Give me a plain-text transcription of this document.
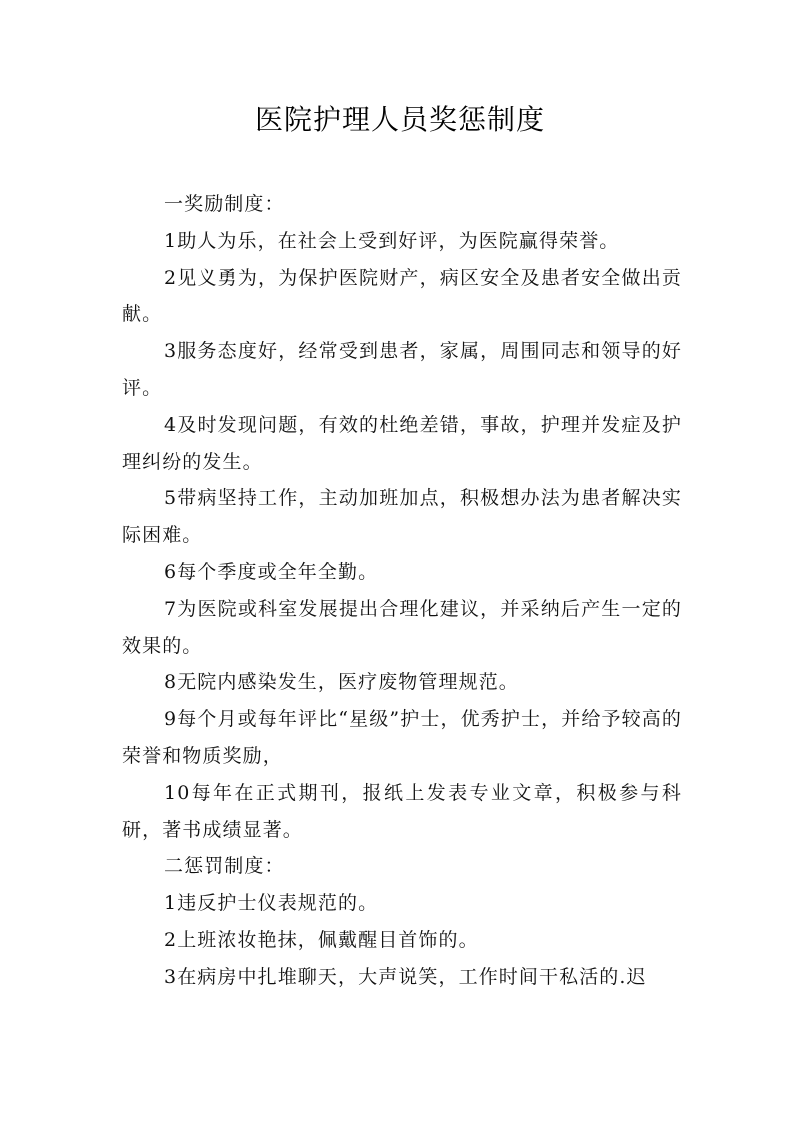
医院护理人员奖惩制度

一奖励制度：

1助人为乐，在社会上受到好评，为医院赢得荣誉。

2见义勇为，为保护医院财产，病区安全及患者安全做出贡献。

3服务态度好，经常受到患者，家属，周围同志和领导的好评。

4及时发现问题，有效的杜绝差错，事故，护理并发症及护理纠纷的发生。

5带病坚持工作，主动加班加点，积极想办法为患者解决实际困难。

6每个季度或全年全勤。

7为医院或科室发展提出合理化建议，并采纳后产生一定的效果的。

8无院内感染发生，医疗废物管理规范。

9每个月或每年评比“星级”护士，优秀护士，并给予较高的荣誉和物质奖励，

10每年在正式期刊，报纸上发表专业文章，积极参与科研，著书成绩显著。

二惩罚制度：

1违反护士仪表规范的。

2上班浓妆艳抹，佩戴醒目首饰的。

3在病房中扎堆聊天，大声说笑，工作时间干私活的.迟
